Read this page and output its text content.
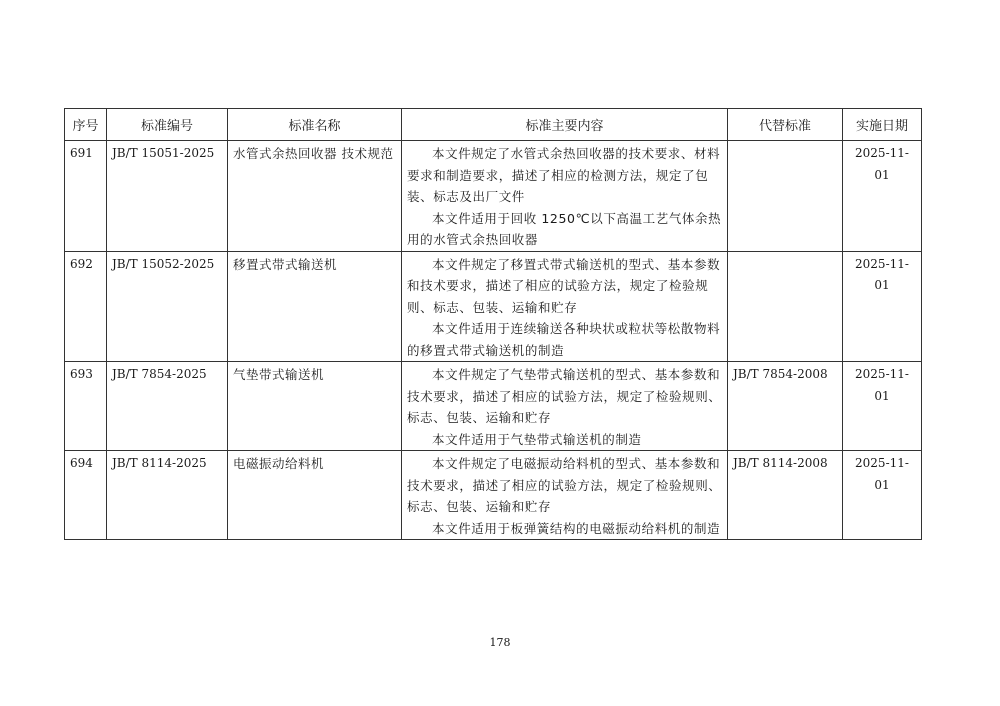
序号	标准编号	标准名称	标准主要内容	代替标准	实施日期
691	JB/T 15051-2025	水管式余热回收器 技术规范	本文件规定了水管式余热回收器的技术要求、材料要求和制造要求，描述了相应的检测方法，规定了包装、标志及出厂文件

本文件适用于回收 1250℃以下高温工艺气体余热用的水管式余热回收器		2025-11-01
692	JB/T 15052-2025	移置式带式输送机	本文件规定了移置式带式输送机的型式、基本参数和技术要求，描述了相应的试验方法，规定了检验规则、标志、包装、运输和贮存

本文件适用于连续输送各种块状或粒状等松散物料的移置式带式输送机的制造		2025-11-01
693	JB/T 7854-2025	气垫带式输送机	本文件规定了气垫带式输送机的型式、基本参数和技术要求，描述了相应的试验方法，规定了检验规则、标志、包装、运输和贮存

本文件适用于气垫带式输送机的制造	JB/T 7854-2008	2025-11-01
694	JB/T 8114-2025	电磁振动给料机	本文件规定了电磁振动给料机的型式、基本参数和技术要求，描述了相应的试验方法，规定了检验规则、标志、包装、运输和贮存

本文件适用于板弹簧结构的电磁振动给料机的制造	JB/T 8114-2008	2025-11-01
178
